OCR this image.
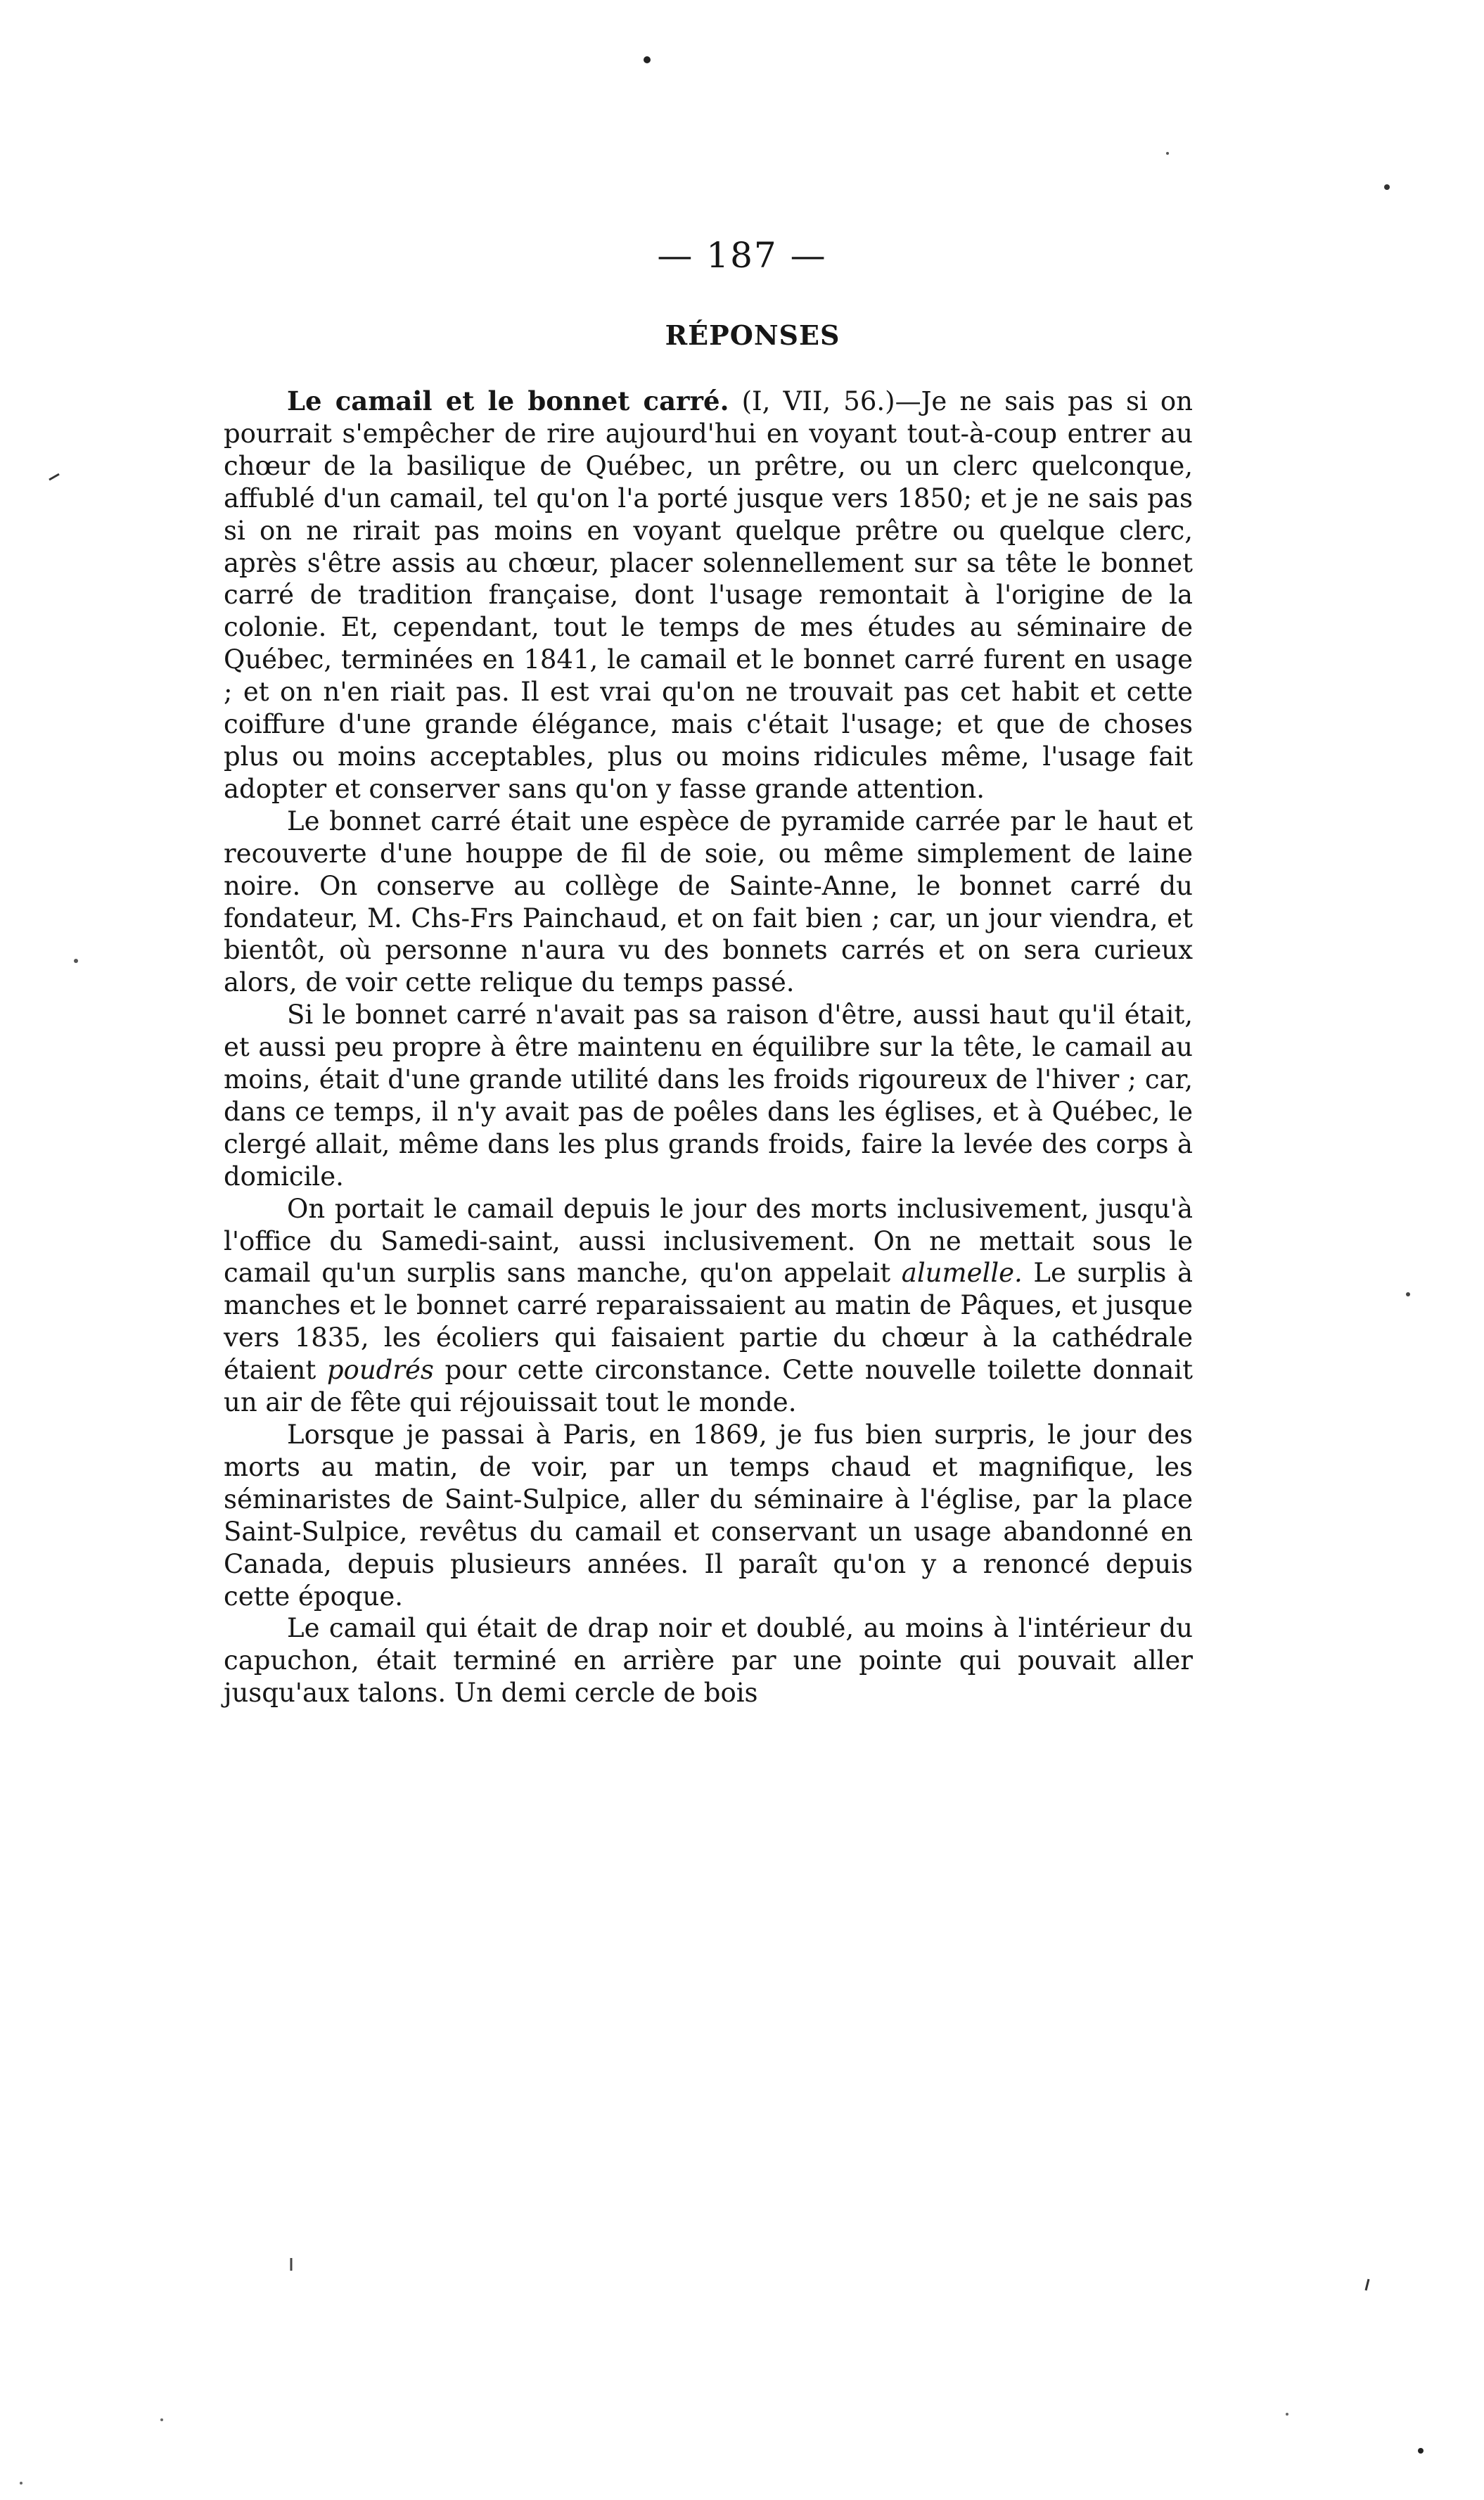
— 187 —
RÉPONSES

Le camail et le bonnet carré. (I, VII, 56.)—Je ne sais pas si on pourrait s'empêcher de rire aujourd'hui en voyant tout-à-coup entrer au chœur de la basilique de Québec, un prêtre, ou un clerc quelconque, affublé d'un camail, tel qu'on l'a porté jusque vers 1850; et je ne sais pas si on ne rirait pas moins en voyant quelque prêtre ou quelque clerc, après s'être assis au chœur, placer solennellement sur sa tête le bonnet carré de tradition française, dont l'usage remontait à l'origine de la colonie. Et, cependant, tout le temps de mes études au séminaire de Québec, terminées en 1841, le camail et le bonnet carré furent en usage ; et on n'en riait pas. Il est vrai qu'on ne trouvait pas cet habit et cette coiffure d'une grande élégance, mais c'était l'usage; et que de choses plus ou moins acceptables, plus ou moins ridicules même, l'usage fait adopter et conserver sans qu'on y fasse grande attention.

Le bonnet carré était une espèce de pyramide carrée par le haut et recouverte d'une houppe de fil de soie, ou même simplement de laine noire. On conserve au collège de Sainte-Anne, le bonnet carré du fondateur, M. Chs-Frs Painchaud, et on fait bien ; car, un jour viendra, et bientôt, où personne n'aura vu des bonnets carrés et on sera curieux alors, de voir cette relique du temps passé.

Si le bonnet carré n'avait pas sa raison d'être, aussi haut qu'il était, et aussi peu propre à être maintenu en équilibre sur la tête, le camail au moins, était d'une grande utilité dans les froids rigoureux de l'hiver ; car, dans ce temps, il n'y avait pas de poêles dans les églises, et à Québec, le clergé allait, même dans les plus grands froids, faire la levée des corps à domicile.

On portait le camail depuis le jour des morts inclusivement, jusqu'à l'office du Samedi-saint, aussi inclusivement. On ne mettait sous le camail qu'un surplis sans manche, qu'on appelait alumelle. Le surplis à manches et le bonnet carré reparaissaient au matin de Pâques, et jusque vers 1835, les écoliers qui faisaient partie du chœur à la cathédrale étaient poudrés pour cette circonstance. Cette nouvelle toilette donnait un air de fête qui réjouissait tout le monde.

Lorsque je passai à Paris, en 1869, je fus bien surpris, le jour des morts au matin, de voir, par un temps chaud et magnifique, les séminaristes de Saint-Sulpice, aller du séminaire à l'église, par la place Saint-Sulpice, revêtus du camail et conservant un usage abandonné en Canada, depuis plusieurs années. Il paraît qu'on y a renoncé depuis cette époque.

Le camail qui était de drap noir et doublé, au moins à l'intérieur du capuchon, était terminé en arrière par une pointe qui pouvait aller jusqu'aux talons. Un demi cercle de bois
